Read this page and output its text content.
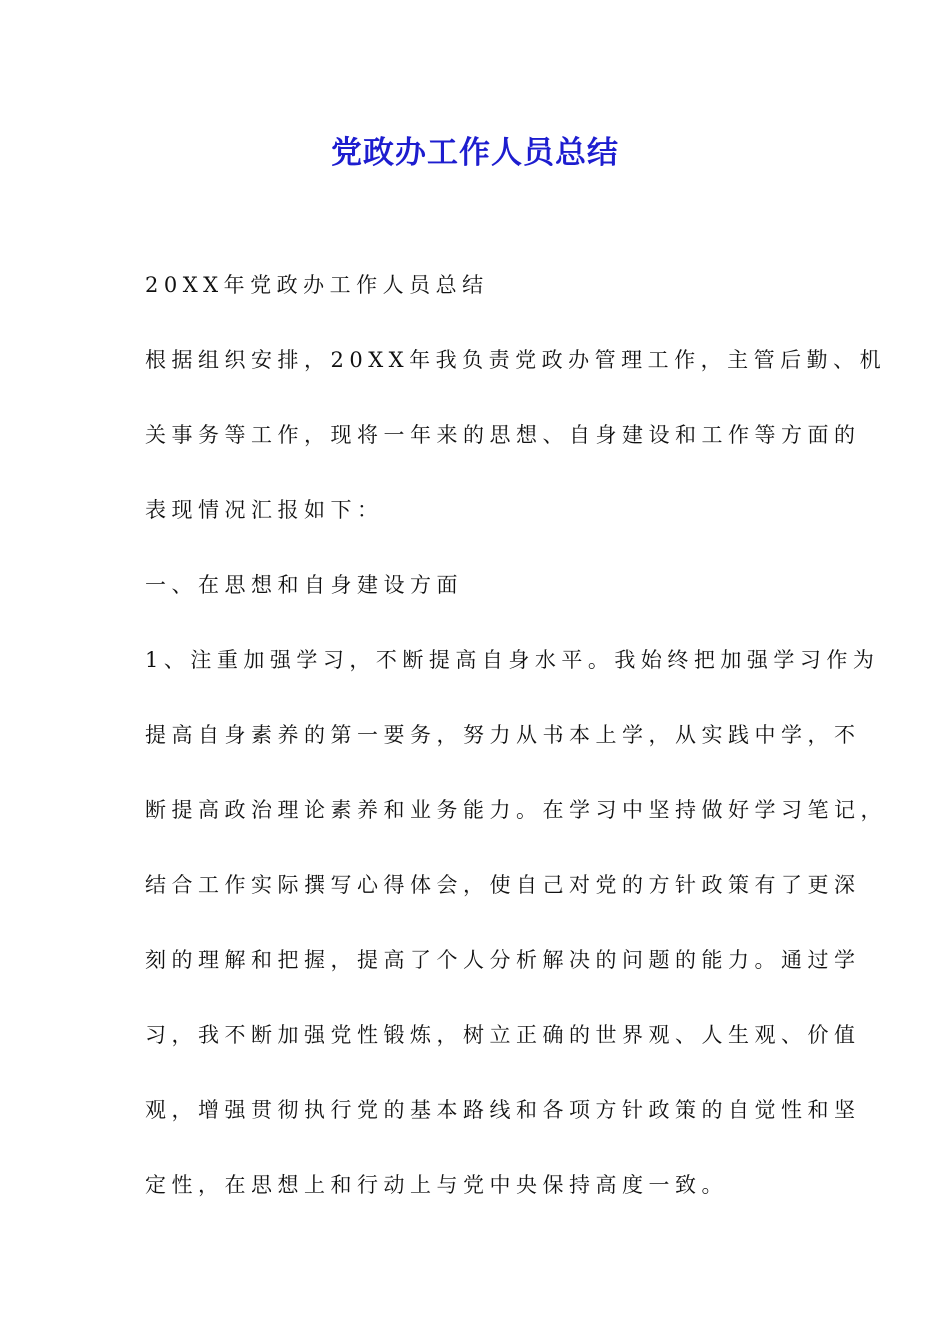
党政办工作人员总结
20XX年党政办工作人员总结
根据组织安排，20XX年我负责党政办管理工作，主管后勤、机
关事务等工作，现将一年来的思想、自身建设和工作等方面的
表现情况汇报如下：
一、在思想和自身建设方面
1、注重加强学习，不断提高自身水平。我始终把加强学习作为
提高自身素养的第一要务，努力从书本上学，从实践中学，不
断提高政治理论素养和业务能力。在学习中坚持做好学习笔记，
结合工作实际撰写心得体会，使自己对党的方针政策有了更深
刻的理解和把握，提高了个人分析解决的问题的能力。通过学
习，我不断加强党性锻炼，树立正确的世界观、人生观、价值
观，增强贯彻执行党的基本路线和各项方针政策的自觉性和坚
定性，在思想上和行动上与党中央保持高度一致。
